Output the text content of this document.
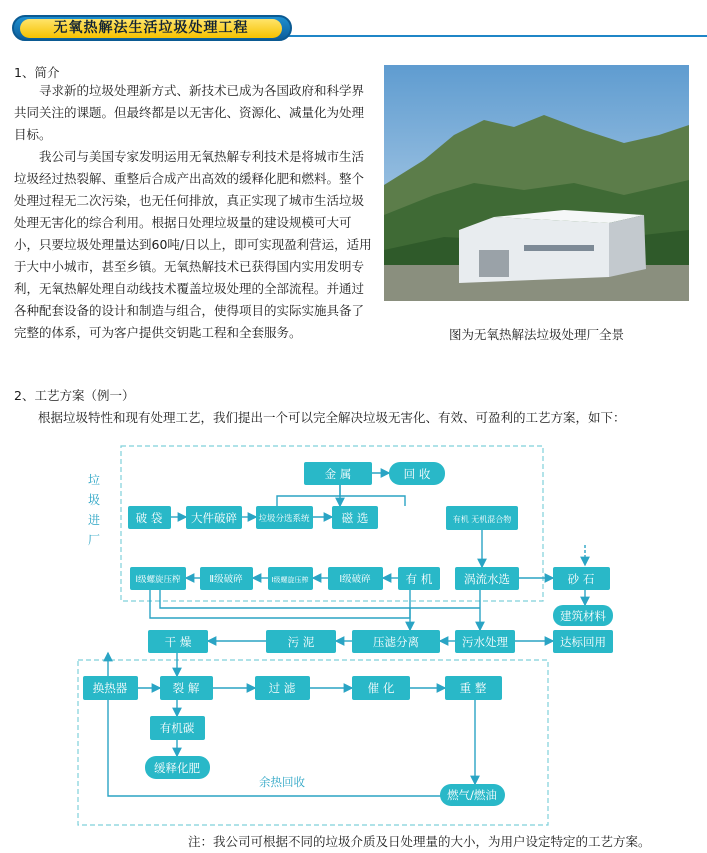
无氧热解法生活垃圾处理工程
1、简介

寻求新的垃圾处理新方式、新技术已成为各国政府和科学界共同关注的课题。但最终都是以无害化、资源化、减量化为处理目标。

我公司与美国专家发明运用无氧热解专利技术是将城市生活垃圾经过热裂解、重整后合成产出高效的缓释化肥和燃料。整个处理过程无二次污染，也无任何排放，真正实现了城市生活垃圾处理无害化的综合利用。根据日处理垃圾量的建设规模可大可小，只要垃圾处理量达到60吨/日以上，即可实现盈利营运，适用于大中小城市，甚至乡镇。无氧热解技术已获得国内实用发明专利，无氧热解处理自动线技术覆盖垃圾处理的全部流程。并通过各种配套设备的设计和制造与组合，使得项目的实际实施具备了完整的体系，可为客户提供交钥匙工程和全套服务。	图为无氧热解法垃圾处理厂全景
2、工艺方案（例一）
根据垃圾特性和现有处理工艺，我们提出一个可以完全解决垃圾无害化、有效、可盈利的工艺方案，如下：
垃
圾
进
厂
金 属	回 收
破 袋 大件破碎	垃圾分选系统	磁 选	有机 无机混合物
Ⅰ级螺旋压榨	Ⅱ级破碎	Ⅰ级螺旋压榨	Ⅰ级破碎	有 机	涡流水选	砂 石
建筑材料
干 燥	污 泥	压滤分离	污水处理	达标回用
换热器	裂 解	过 滤	催 化	重 整
有机碳
缓释化肥
余热回收
燃气/燃油
注：我公司可根据不同的垃圾介质及日处理量的大小，为用户设定特定的工艺方案。
